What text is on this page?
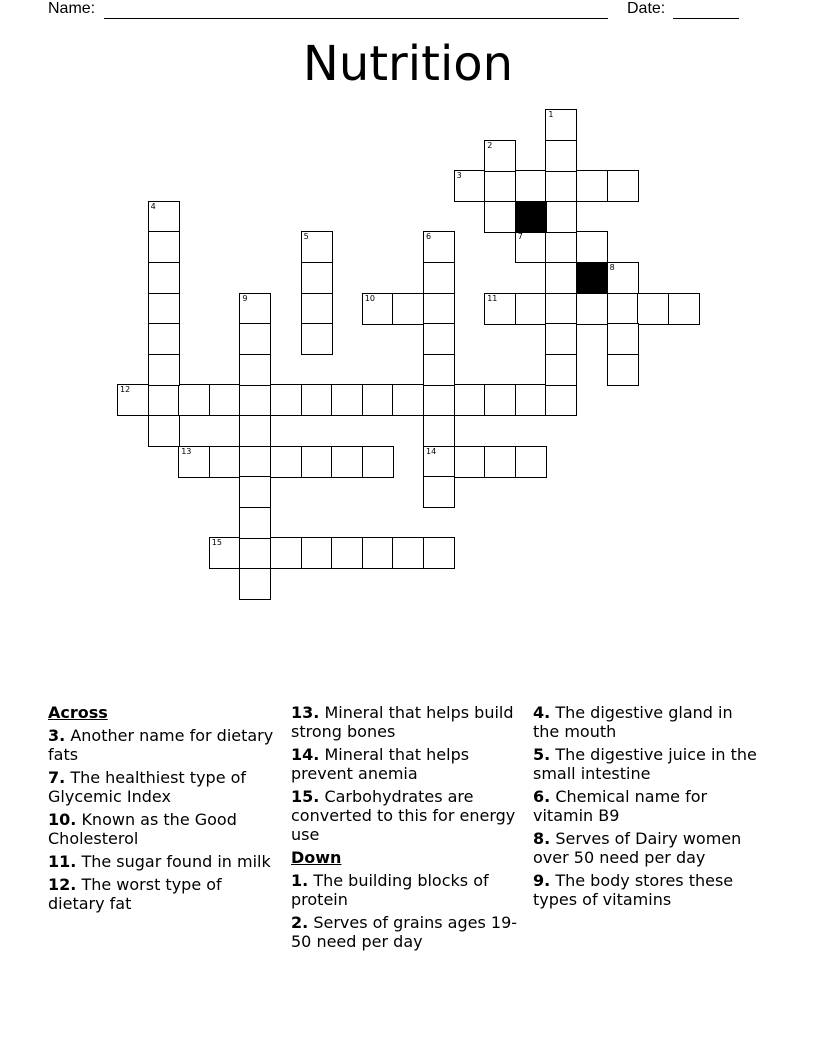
Name:	Date:
Nutrition
3
7
10	11
12
13	14
15
1
2
4
5	6
8
9
Across
3. Another name for dietary fats
7. The healthiest type of Glycemic Index
10. Known as the Good Cholesterol
11. The sugar found in milk
12. The worst type of dietary fat
13. Mineral that helps build strong bones
14. Mineral that helps prevent anemia
15. Carbohydrates are converted to this for energy use
Down
1. The building blocks of protein
2. Serves of grains ages 19-50 need per day
4. The digestive gland in the mouth
5. The digestive juice in the small intestine
6. Chemical name for vitamin B9
8. Serves of Dairy women over 50 need per day
9. The body stores these types of vitamins
